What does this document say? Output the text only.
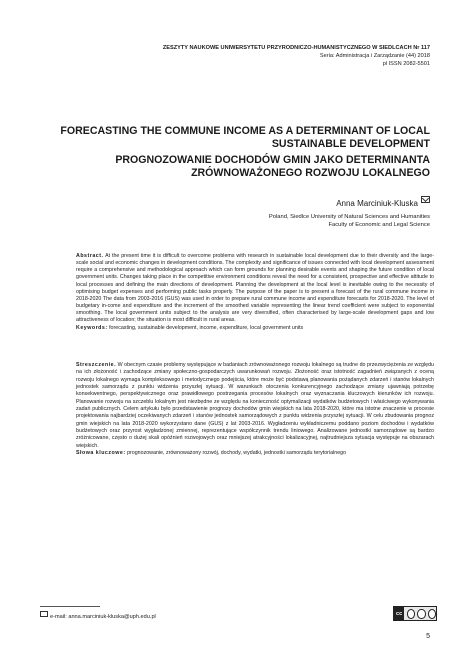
ZESZYTY NAUKOWE UNIWERSYTETU PRZYRODNICZO-HUMANISTYCZNEGO W SIEDLCACH Nr 117
Seria: Administracja i Zarządzanie (44) 2018
pl ISSN 2082-5501
FORECASTING THE COMMUNE INCOME AS A DETERMINANT OF LOCAL SUSTAINABLE DEVELOPMENT
PROGNOZOWANIE DOCHODÓW GMIN JAKO DETERMINANTA ZRÓWNOWAŻONEGO ROZWOJU LOKALNEGO
Anna Marciniuk-Kluska
Poland, Siedlce University of Natural Sciences and Humanities
Faculty of Economic and Legal Science

Abstract. At the present time it is difficult to overcome problems with research in sustainable local development due to their diversity and the large-scale social and economic changes in development conditions. The complexity and significance of issues connected with local development assessment require a comprehensive and methodological approach which can form grounds for planning desirable events and shaping the future condition of local government units. Changes taking place in the competitive environment conditions reveal the need for a consistent, prospective and effective attitude to local processes and defining the main directions of development. Planning the development at the local level is inevitable owing to the necessity of optimising budget expenses and performing public tasks properly. The purpose of the paper is to present a forecast of the rural commune income in 2018-2020 The data from 2003-2016 (GUS) was used in order to prepare rural commune income and expenditure forecasts for 2018-2020. The level of budgetary in-come and expenditure and the increment of the smoothed variable representing the linear trend coefficient were subject to exponential smoothing. The local government units subject to the analysis are very diversified, often characterised by large-scale development gaps and low attractiveness of location; the situation is most difficult in rural areas.

Keywords: forecasting, sustainable development, income, expenditure, local government units

Streszczenie. W obecnym czasie problemy występujące w badaniach zrównoważonego rozwoju lokalnego są trudne do przezwyciężenia ze względu na ich złożoność i zachodzące zmiany społeczno-gospodarczych uwarunkowań rozwoju. Złożoność oraz istotność zagadnień związanych z oceną rozwoju lokalnego wymaga kompleksowego i metodycznego podejścia, które może być podstawą planowania pożądanych zdarzeń i stanów lokalnych jednostek samorządu z punktu widzenia przyszłej sytuacji. W warunkach otoczenia konkurencyjnego zachodzące zmiany ujawniają potrzebę konsekwentnego, perspektywicznego oraz prawidłowego postrzegania procesów lokalnych oraz wyznaczania kluczowych kierunków ich rozwoju. Planowanie rozwoju na szczeblu lokalnym jest niezbędne ze względu na konieczność optymalizacji wydatków budżetowych i właściwego wykonywania zadań publicznych. Celem artykułu było przedstawienie prognozy dochodów gmin wiejskich na lata 2018-2020, które ma istotne znaczenie w procesie projektowania najbardziej oczekiwanych zdarzeń i stanów jednostek samorządowych z punktu widzenia przyszłej sytuacji. W celu zbudowania prognoz gmin wiejskich na lata 2018-2020 wykorzystano dane (GUS) z lat 2003-2016. Wygładzeniu wykładniczemu poddano poziom dochodów i wydatków budżetowych oraz przyrost wygładzonej zmiennej, reprezentujące współczynnik trendu liniowego. Analizowane jednostki samorządowe są bardzo zróżnicowane, często o dużej skali opóźnień rozwojowych oraz mniejszej atrakcyjności lokalizacyjnej, najtrudniejsza sytuacja występuje na obszarach wiejskich.

Słowa kluczowe: prognozowanie, zrównoważony rozwój, dochody, wydatki, jednostki samorządu terytorialnego

e-mail: anna.marciniuk-kluska@uph.edu.pl
cc
5
